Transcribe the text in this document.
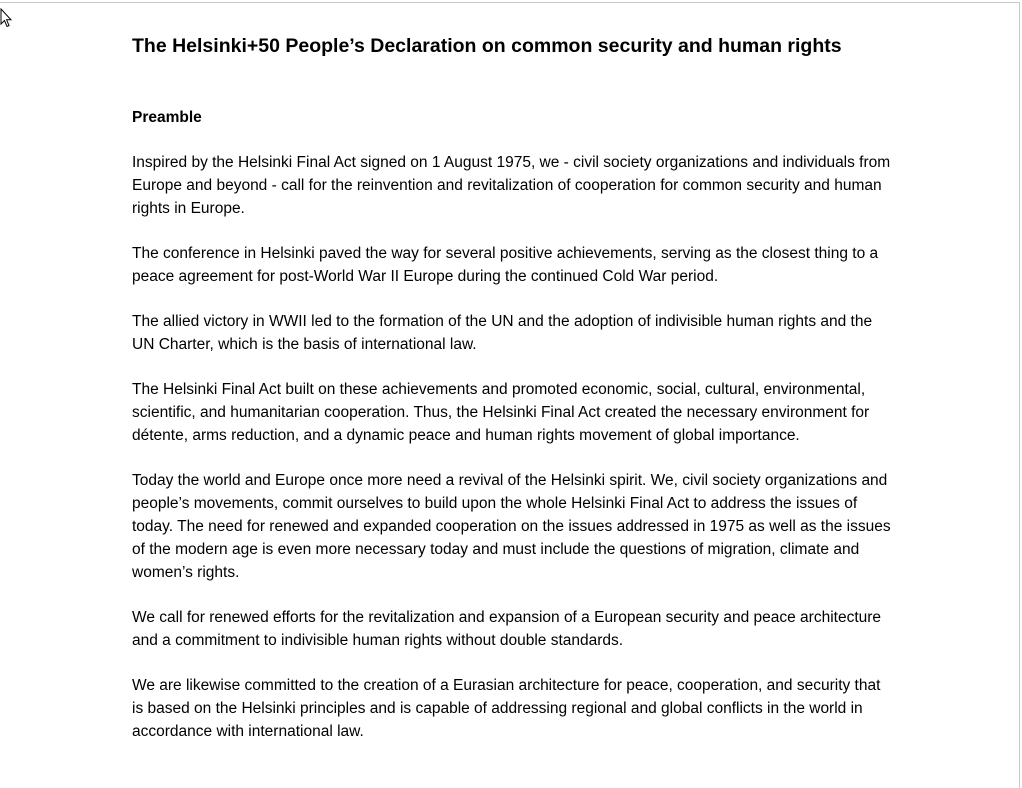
The Helsinki+50 People’s Declaration on common security and human rights
Preamble

Inspired by the Helsinki Final Act signed on 1 August 1975, we - civil society organizations and individuals from Europe and beyond - call for the reinvention and revitalization of cooperation for common security and human rights in Europe.

The conference in Helsinki paved the way for several positive achievements, serving as the closest thing to a peace agreement for post-World War II Europe during the continued Cold War period.

The allied victory in WWII led to the formation of the UN and the adoption of indivisible human rights and the UN Charter, which is the basis of international law.

The Helsinki Final Act built on these achievements and promoted economic, social, cultural, environmental, scientific, and humanitarian cooperation. Thus, the Helsinki Final Act created the necessary environment for détente, arms reduction, and a dynamic peace and human rights movement of global importance.

Today the world and Europe once more need a revival of the Helsinki spirit. We, civil society organizations and people’s movements, commit ourselves to build upon the whole Helsinki Final Act to address the issues of today. The need for renewed and expanded cooperation on the issues addressed in 1975 as well as the issues of the modern age is even more necessary today and must include the questions of migration, climate and women’s rights.

We call for renewed efforts for the revitalization and expansion of a European security and peace architecture and a commitment to indivisible human rights without double standards.

We are likewise committed to the creation of a Eurasian architecture for peace, cooperation, and security that is based on the Helsinki principles and is capable of addressing regional and global conflicts in the world in accordance with international law.
